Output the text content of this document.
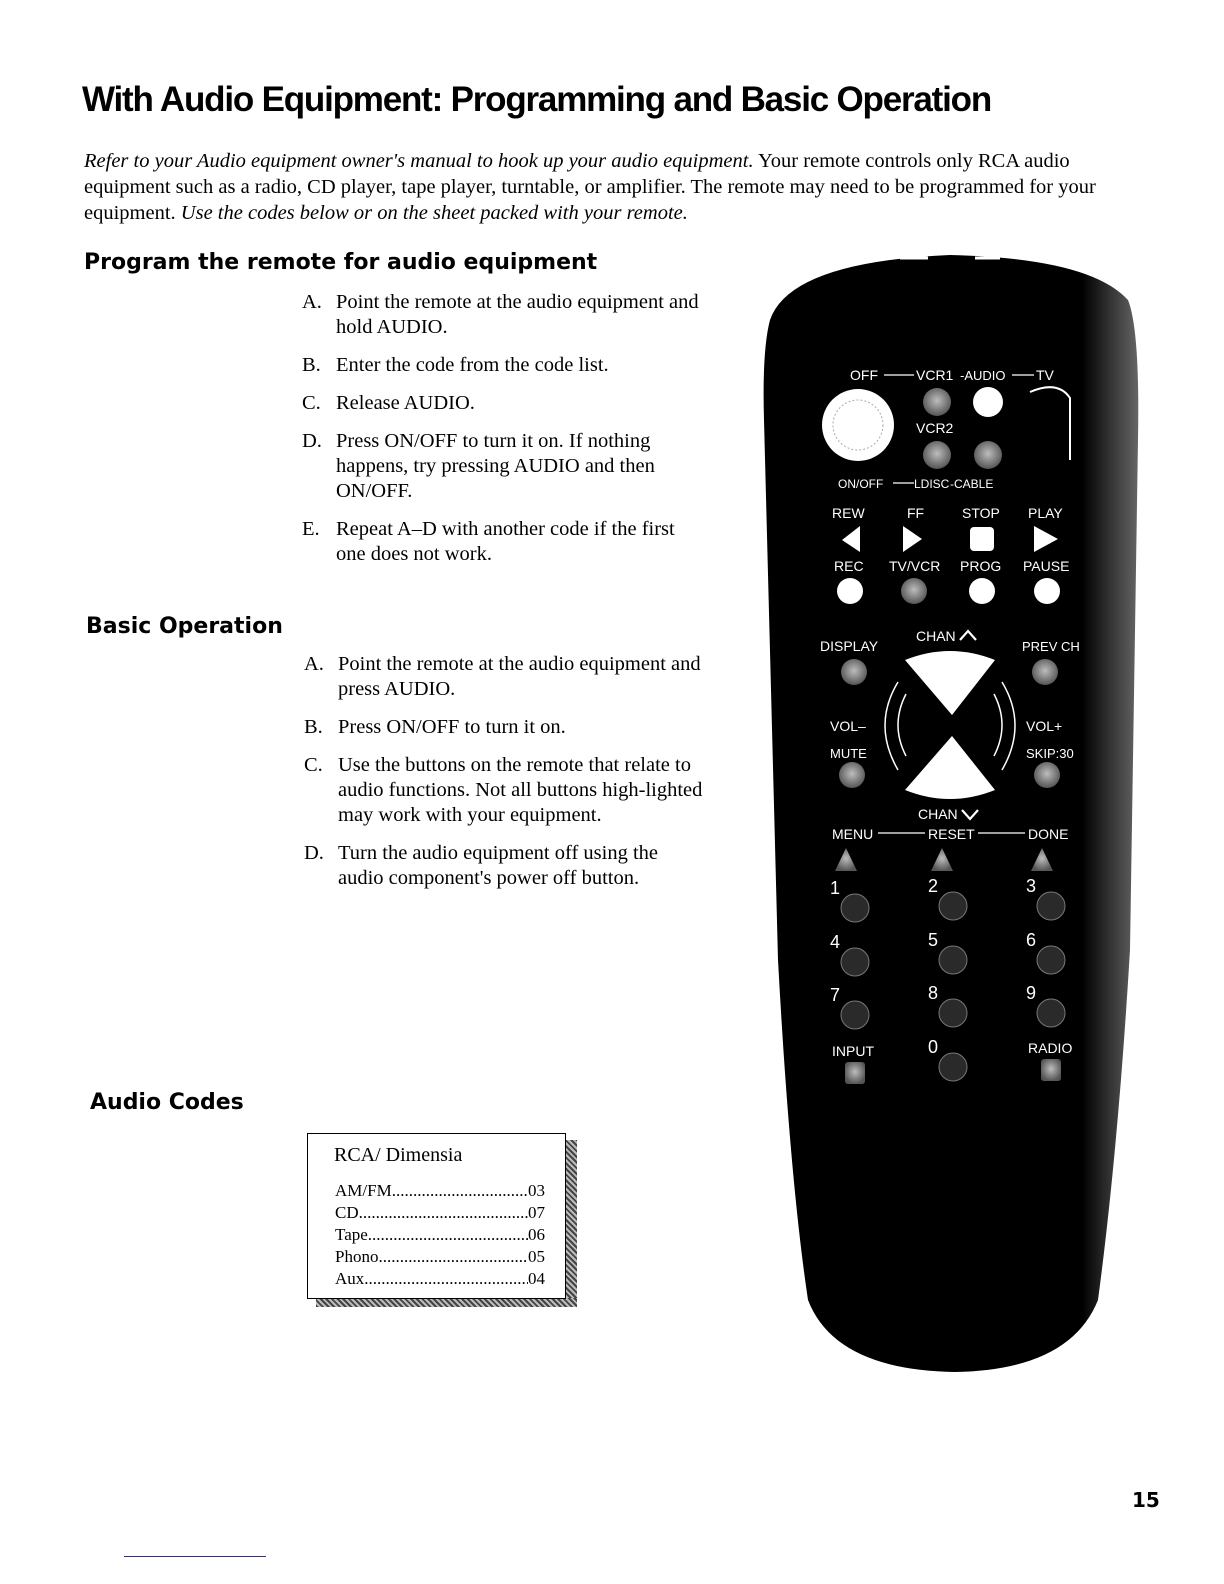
With Audio Equipment: Programming and Basic Operation
Refer to your Audio equipment owner's manual to hook up your audio equipment. Your remote controls only RCA audio equipment such as a radio, CD player, tape player, turntable, or amplifier. The remote may need to be programmed for your equipment. Use the codes below or on the sheet packed with your remote.
Program the remote for audio equipment
A. Point the remote at the audio equipment and hold AUDIO.
B. Enter the code from the code list.
C. Release AUDIO.
D. Press ON/OFF to turn it on. If nothing happens, try pressing AUDIO and then ON/OFF.
E. Repeat A–D with another code if the first one does not work.
Basic Operation
A. Point the remote at the audio equipment and press AUDIO.
B. Press ON/OFF to turn it on.
C. Use the buttons on the remote that relate to audio functions. Not all buttons high-lighted may work with your equipment.
D. Turn the audio equipment off using the audio component's power off button.
Audio Codes
RCA/ Dimensia
AM/FM .....	03
CD .....	07
Tape .....	06
Phono .....	05
Aux .....	04
OFF	VCR1 -AUDIO TV
VCR2
ON/OFF	LDISC -CABLE
REW	FF	STOP PLAY
REC TV/VCR PROG PAUSE
DISPLAY
CHAN
PREV CH
VOL–	VOL+
MUTE	SKIP:30
CHAN
MENU	RESET	DONE
1	2	3
4	5	6
7	8	9
0
INPUT	RADIO
15
